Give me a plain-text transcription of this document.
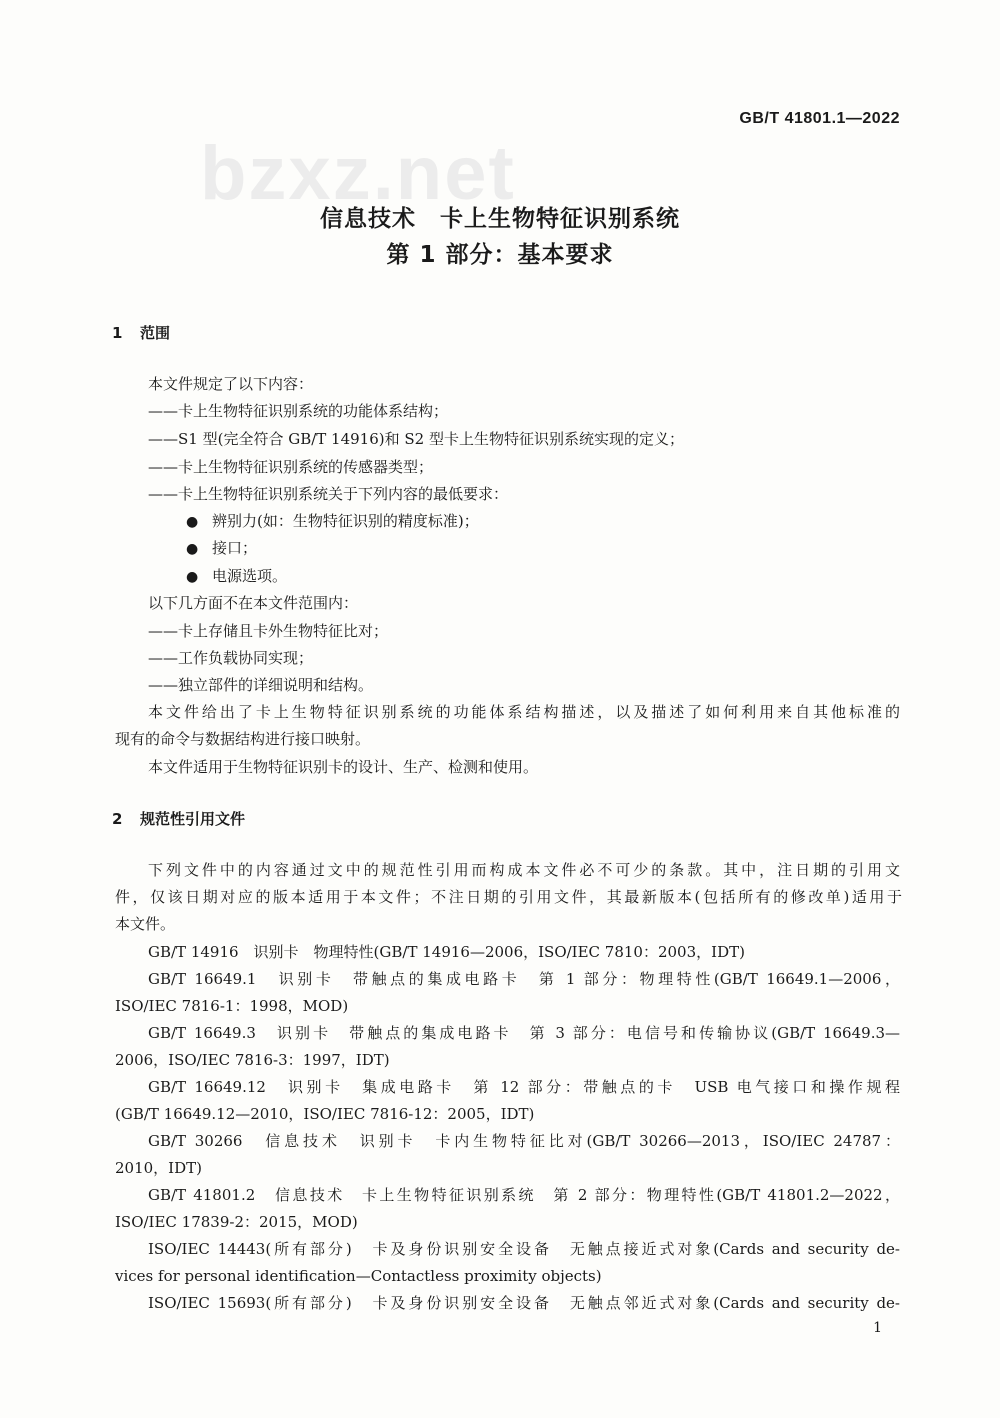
bzxz.net
GB/T 41801.1—2022
信息技术　卡上生物特征识别系统
第 1 部分：基本要求
1 范围
本文件规定了以下内容：
——卡上生物特征识别系统的功能体系结构；
——S1 型(完全符合 GB/T 14916)和 S2 型卡上生物特征识别系统实现的定义；
——卡上生物特征识别系统的传感器类型；
——卡上生物特征识别系统关于下列内容的最低要求：
● 辨别力(如：生物特征识别的精度标准)；
● 接口；
● 电源选项。
以下几方面不在本文件范围内：
——卡上存储且卡外生物特征比对；
——工作负载协同实现；
——独立部件的详细说明和结构。
本文件给出了卡上生物特征识别系统的功能体系结构描述，以及描述了如何利用来自其他标准的
现有的命令与数据结构进行接口映射。
本文件适用于生物特征识别卡的设计、生产、检测和使用。
2 规范性引用文件
下列文件中的内容通过文中的规范性引用而构成本文件必不可少的条款。其中，注日期的引用文
件，仅该日期对应的版本适用于本文件；不注日期的引用文件，其最新版本(包括所有的修改单)适用于
本文件。
GB/T 14916　识别卡　物理特性(GB/T 14916—2006，ISO/IEC 7810：2003，IDT)
GB/T 16649.1　识别卡　带触点的集成电路卡　第 1 部分：物理特性(GB/T 16649.1—2006，
ISO/IEC 7816-1：1998，MOD)
GB/T 16649.3　识别卡　带触点的集成电路卡　第 3 部分：电信号和传输协议(GB/T 16649.3—
2006，ISO/IEC 7816-3：1997，IDT)
GB/T 16649.12　识别卡　集成电路卡　第 12 部分：带触点的卡　USB 电气接口和操作规程
(GB/T 16649.12—2010，ISO/IEC 7816-12：2005，IDT)
GB/T 30266　信息技术　识别卡　卡内生物特征比对(GB/T 30266—2013，ISO/IEC 24787：
2010，IDT)
GB/T 41801.2　信息技术　卡上生物特征识别系统　第 2 部分：物理特性(GB/T 41801.2—2022，
ISO/IEC 17839-2：2015，MOD)
ISO/IEC 14443(所有部分)　卡及身份识别安全设备　无触点接近式对象(Cards and security de-
vices for personal identification—Contactless proximity objects)
ISO/IEC 15693(所有部分)　卡及身份识别安全设备　无触点邻近式对象(Cards and security de-
1
